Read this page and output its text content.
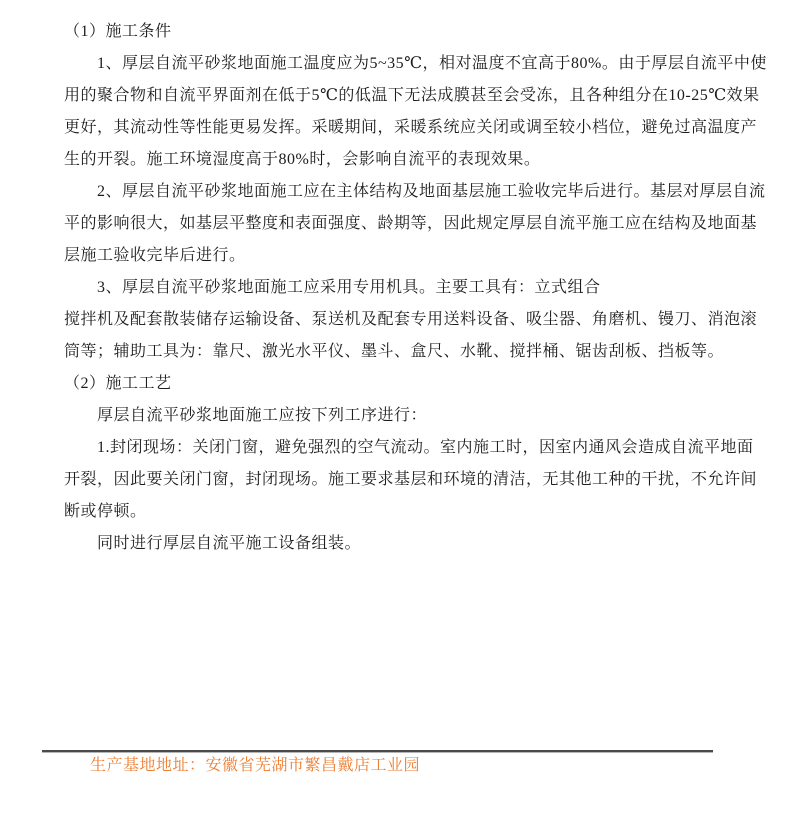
（1）施工条件
1、厚层自流平砂浆地面施工温度应为5~35℃，相对温度不宜高于80%。由于厚层自流平中使
用的聚合物和自流平界面剂在低于5℃的低温下无法成膜甚至会受冻，且各种组分在10-25℃效果
更好，其流动性等性能更易发挥。采暖期间，采暖系统应关闭或调至较小档位，避免过高温度产
生的开裂。施工环境湿度高于80%时，会影响自流平的表现效果。
2、厚层自流平砂浆地面施工应在主体结构及地面基层施工验收完毕后进行。基层对厚层自流
平的影响很大，如基层平整度和表面强度、龄期等，因此规定厚层自流平施工应在结构及地面基
层施工验收完毕后进行。
3、厚层自流平砂浆地面施工应采用专用机具。主要工具有：立式组合
搅拌机及配套散装储存运输设备、泵送机及配套专用送料设备、吸尘器、角磨机、镘刀、消泡滚
筒等；辅助工具为：靠尺、激光水平仪、墨斗、盒尺、水靴、搅拌桶、锯齿刮板、挡板等。
（2）施工工艺
厚层自流平砂浆地面施工应按下列工序进行：
1.封闭现场：关闭门窗，避免强烈的空气流动。室内施工时，因室内通风会造成自流平地面
开裂，因此要关闭门窗，封闭现场。施工要求基层和环境的清洁，无其他工种的干扰，不允许间
断或停顿。
同时进行厚层自流平施工设备组装。
生产基地地址：安徽省芜湖市繁昌戴店工业园
